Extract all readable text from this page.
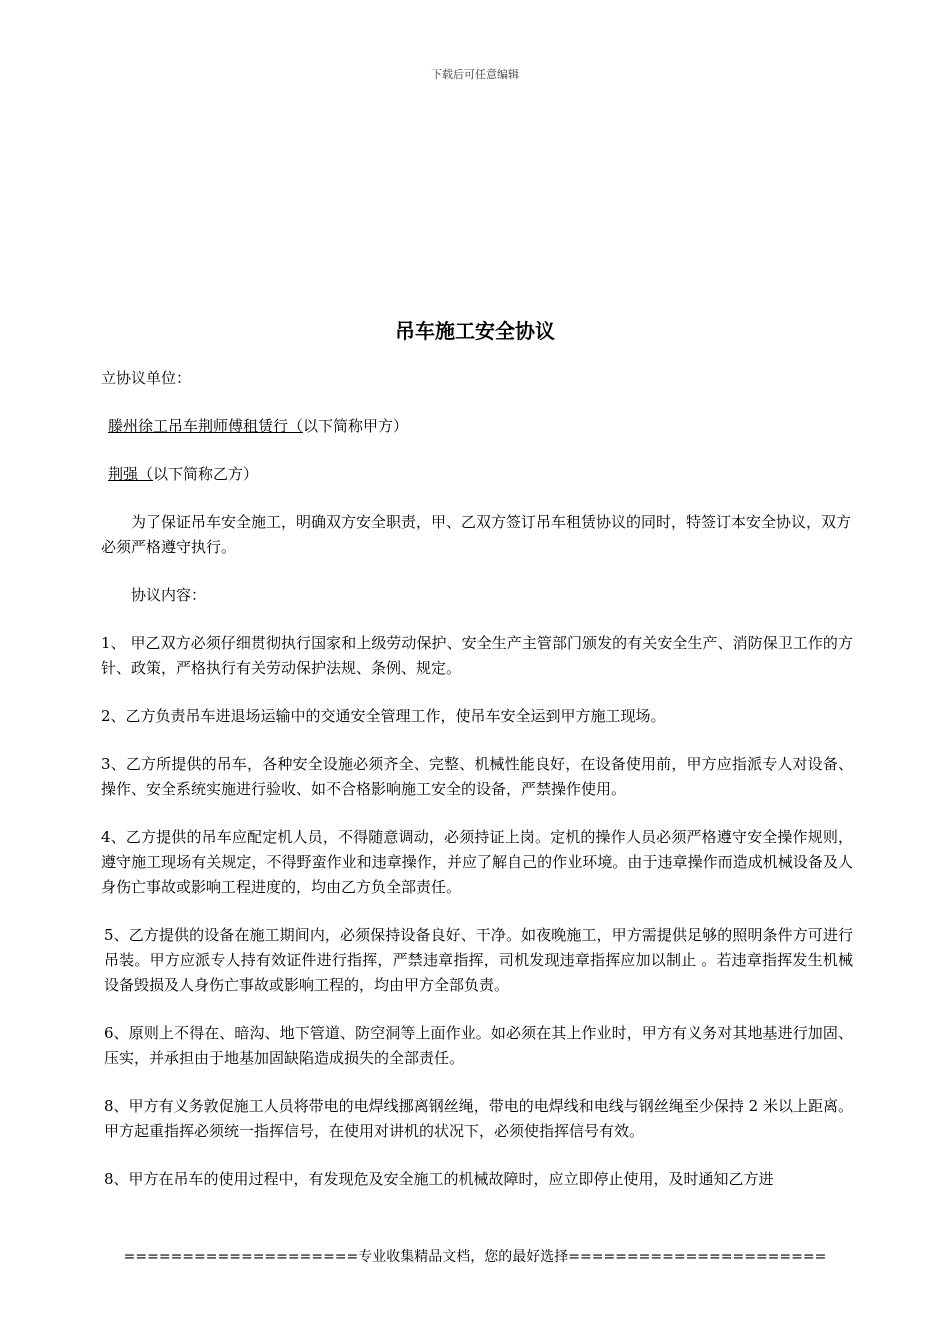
下载后可任意编辑
吊车施工安全协议

立协议单位：

滕州徐工吊车荆师傅租赁行（以下简称甲方）

荆强（以下简称乙方）

为了保证吊车安全施工，明确双方安全职责，甲、乙双方签订吊车租赁协议的同时，特签订本安全协议，双方必须严格遵守执行。

协议内容：

1、 甲乙双方必须仔细贯彻执行国家和上级劳动保护、安全生产主管部门颁发的有关安全生产、消防保卫工作的方针、政策，严格执行有关劳动保护法规、条例、规定。

2、乙方负责吊车进退场运输中的交通安全管理工作，使吊车安全运到甲方施工现场。

3、乙方所提供的吊车，各种安全设施必须齐全、完整、机械性能良好，在设备使用前，甲方应指派专人对设备、操作、安全系统实施进行验收、如不合格影响施工安全的设备，严禁操作使用。

4、乙方提供的吊车应配定机人员，不得随意调动，必须持证上岗。定机的操作人员必须严格遵守安全操作规则，遵守施工现场有关规定，不得野蛮作业和违章操作，并应了解自己的作业环境。由于违章操作而造成机械设备及人身伤亡事故或影响工程进度的，均由乙方负全部责任。

5、乙方提供的设备在施工期间内，必须保持设备良好、干净。如夜晚施工，甲方需提供足够的照明条件方可进行吊装。甲方应派专人持有效证件进行指挥，严禁违章指挥，司机发现违章指挥应加以制止 。若违章指挥发生机械设备毁损及人身伤亡事故或影响工程的，均由甲方全部负责。

6、原则上不得在、暗沟、地下管道、防空洞等上面作业。如必须在其上作业时，甲方有义务对其地基进行加固、压实，并承担由于地基加固缺陷造成损失的全部责任。

8、甲方有义务敦促施工人员将带电的电焊线挪离钢丝绳，带电的电焊线和电线与钢丝绳至少保持 2 米以上距离。甲方起重指挥必须统一指挥信号，在使用对讲机的状况下，必须使指挥信号有效。

8、甲方在吊车的使用过程中，有发现危及安全施工的机械故障时，应立即停止使用，及时通知乙方进

====================专业收集精品文档，您的最好选择======================
